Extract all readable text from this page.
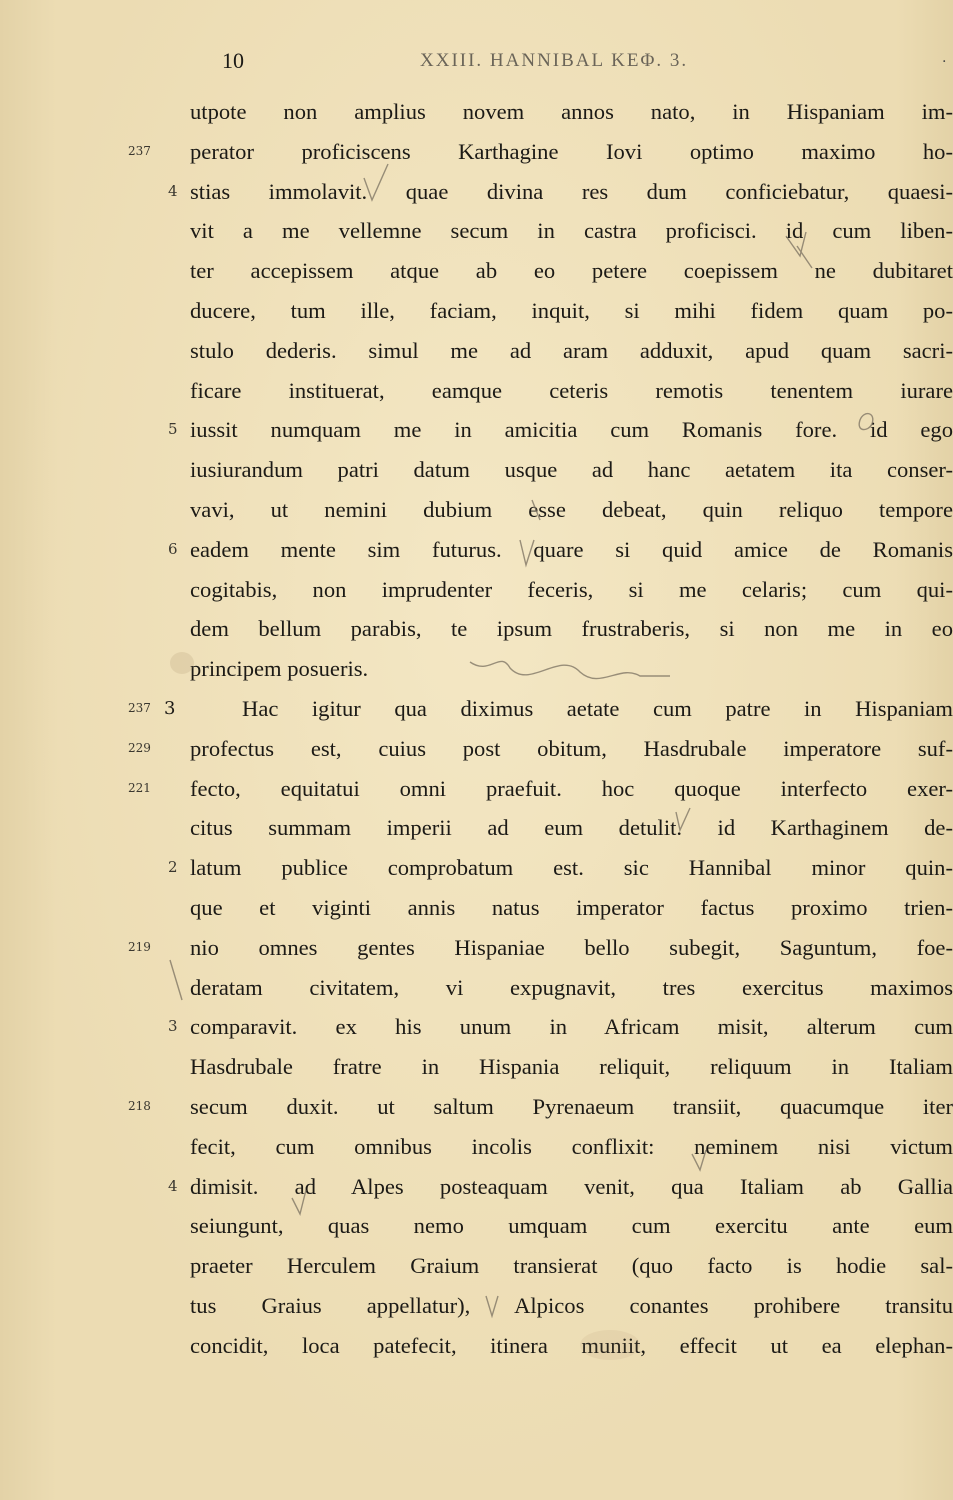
10	XXIII. HANNIBAL ΚΕΦ. 3.	.
utpote non amplius novem annos nato, in Hispaniam im-
perator proficiscens Karthagine Iovi optimo maximo ho-
stias immolavit. quae divina res dum conficiebatur, quaesi-
vit a me vellemne secum in castra proficisci. id cum liben-
ter accepissem atque ab eo petere coepissem ne dubitaret
ducere, tum ille, faciam, inquit, si mihi fidem quam po-
stulo dederis. simul me ad aram adduxit, apud quam sacri-
ficare instituerat, eamque ceteris remotis tenentem iurare
iussit numquam me in amicitia cum Romanis fore. id ego
iusiurandum patri datum usque ad hanc aetatem ita conser-
vavi, ut nemini dubium esse debeat, quin reliquo tempore
eadem mente sim futurus. quare si quid amice de Romanis
cogitabis, non imprudenter feceris, si me celaris; cum qui-
dem bellum parabis, te ipsum frustraberis, si non me in eo
principem posueris.
Hac igitur qua diximus aetate cum patre in Hispaniam
profectus est, cuius post obitum, Hasdrubale imperatore suf-
fecto, equitatui omni praefuit. hoc quoque interfecto exer-
citus summam imperii ad eum detulit. id Karthaginem de-
latum publice comprobatum est. sic Hannibal minor quin-
que et viginti annis natus imperator factus proximo trien-
nio omnes gentes Hispaniae bello subegit, Saguntum, foe-
deratam civitatem, vi expugnavit, tres exercitus maximos
comparavit. ex his unum in Africam misit, alterum cum
Hasdrubale fratre in Hispania reliquit, reliquum in Italiam
secum duxit. ut saltum Pyrenaeum transiit, quacumque iter
fecit, cum omnibus incolis conflixit: neminem nisi victum
dimisit. ad Alpes posteaquam venit, qua Italiam ab Gallia
seiungunt, quas nemo umquam cum exercitu ante eum
praeter Herculem Graium transierat (quo facto is hodie sal-
tus Graius appellatur), Alpicos conantes prohibere transitu
concidit, loca patefecit, itinera muniit, effecit ut ea elephan-
237
4
5
6
237 3
229
221
2
219
3
218
4
